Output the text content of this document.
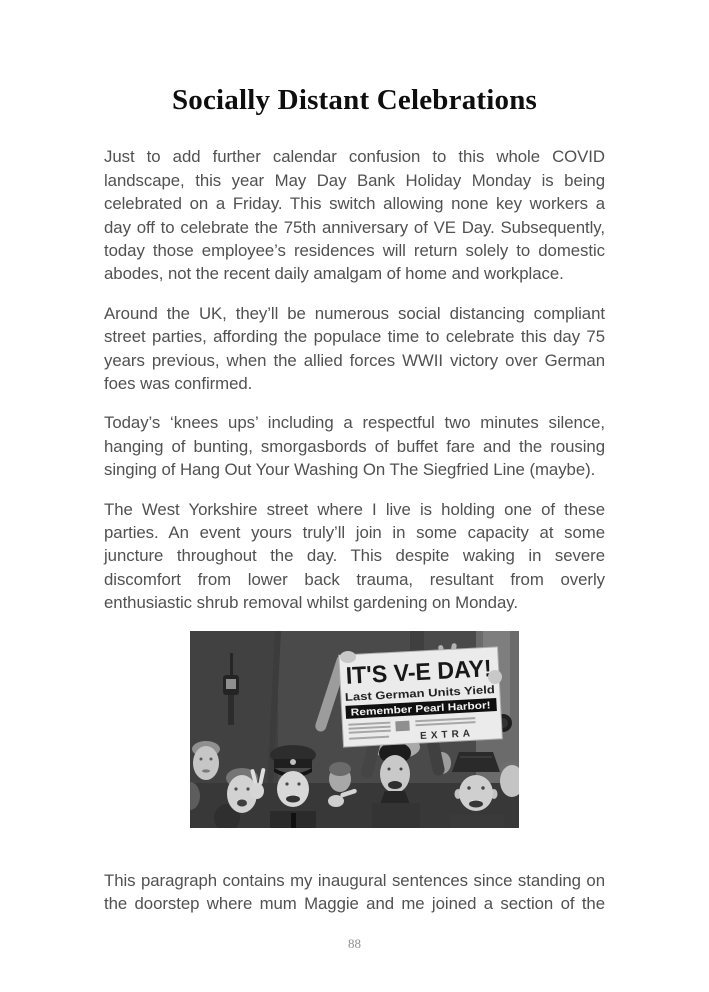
Socially Distant Celebrations

Just to add further calendar confusion to this whole COVID landscape, this year May Day Bank Holiday Monday is being celebrated on a Friday. This switch allowing none key workers a day off to celebrate the 75th anniversary of VE Day. Subsequently, today those employee’s residences will return solely to domestic abodes, not the recent daily amalgam of home and workplace.

Around the UK, they’ll be numerous social distancing compliant street parties, affording the populace time to celebrate this day 75 years previous, when the allied forces WWII victory over German foes was confirmed.

Today’s ‘knees ups’ including a respectful two minutes silence, hanging of bunting, smorgasbords of buffet fare and the rousing singing of Hang Out Your Washing On The Siegfried Line (maybe).

The West Yorkshire street where I live is holding one of these parties. An event yours truly’ll join in some capacity at some juncture throughout the day. This despite waking in severe discomfort from lower back trauma, resultant from overly enthusiastic shrub removal whilst gardening on Monday.

IT'S V-E DAY!
Last German Units Yield
Remember Pearl Harbor!
EXTRA

This paragraph contains my inaugural sentences since standing on the doorstep where mum Maggie and me joined a section of the

88
